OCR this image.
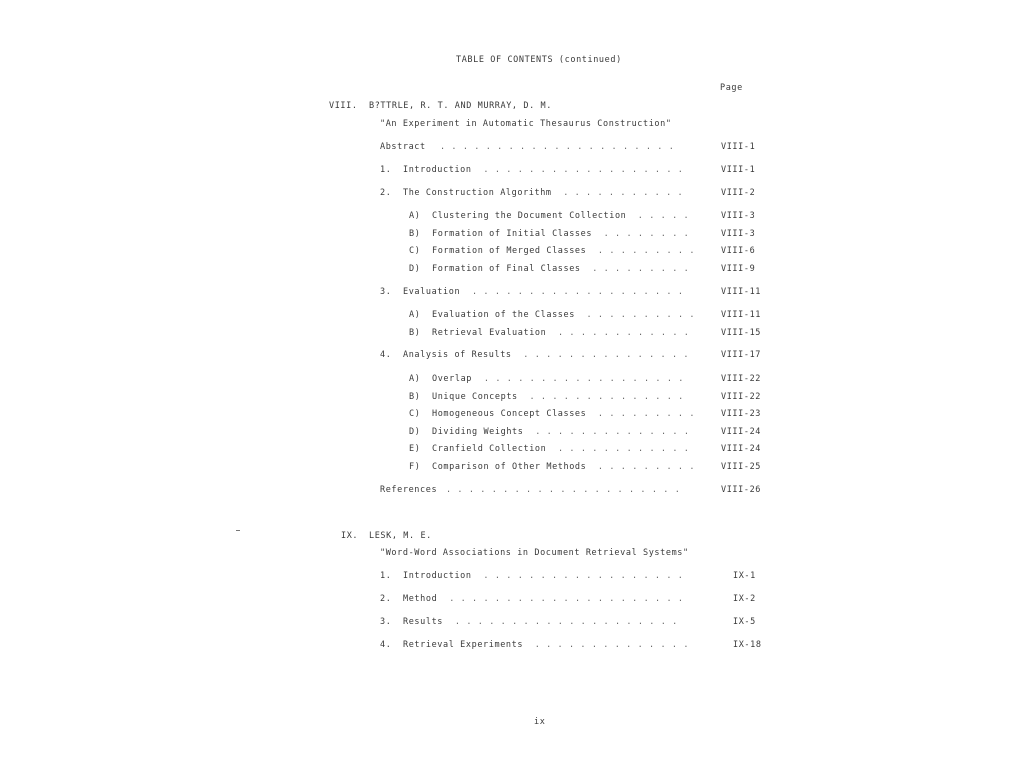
TABLE OF CONTENTS (continued)
Page
VIII. B?TTRLE, R. T. AND MURRAY, D. M.
"An Experiment in Automatic Thesaurus Construction"
Abstract . . . . . . . . . . . . . . . . . . . . .	VIII-1
1. Introduction . . . . . . . . . . . . . . . . . .	VIII-1
2. The Construction Algorithm . . . . . . . . . . .	VIII-2
A) Clustering the Document Collection . . . . .	VIII-3
B) Formation of Initial Classes . . . . . . . .	VIII-3
C) Formation of Merged Classes . . . . . . . . .	VIII-6
D) Formation of Final Classes . . . . . . . . .	VIII-9
3. Evaluation . . . . . . . . . . . . . . . . . . .	VIII-11
A) Evaluation of the Classes . . . . . . . . . .	VIII-11
B) Retrieval Evaluation . . . . . . . . . . . .	VIII-15
4. Analysis of Results . . . . . . . . . . . . . . .	VIII-17
A) Overlap . . . . . . . . . . . . . . . . . .	VIII-22
B) Unique Concepts . . . . . . . . . . . . . .	VIII-22
C) Homogeneous Concept Classes . . . . . . . . .	VIII-23
D) Dividing Weights . . . . . . . . . . . . . .	VIII-24
E) Cranfield Collection . . . . . . . . . . . .	VIII-24
F) Comparison of Other Methods . . . . . . . . .	VIII-25
References . . . . . . . . . . . . . . . . . . . . .	VIII-26
IX. LESK, M. E.
"Word-Word Associations in Document Retrieval Systems"
1. Introduction . . . . . . . . . . . . . . . . . .	IX-1
2. Method . . . . . . . . . . . . . . . . . . . . .	IX-2
3. Results . . . . . . . . . . . . . . . . . . . .	IX-5
4. Retrieval Experiments . . . . . . . . . . . . . .	IX-18
ix
